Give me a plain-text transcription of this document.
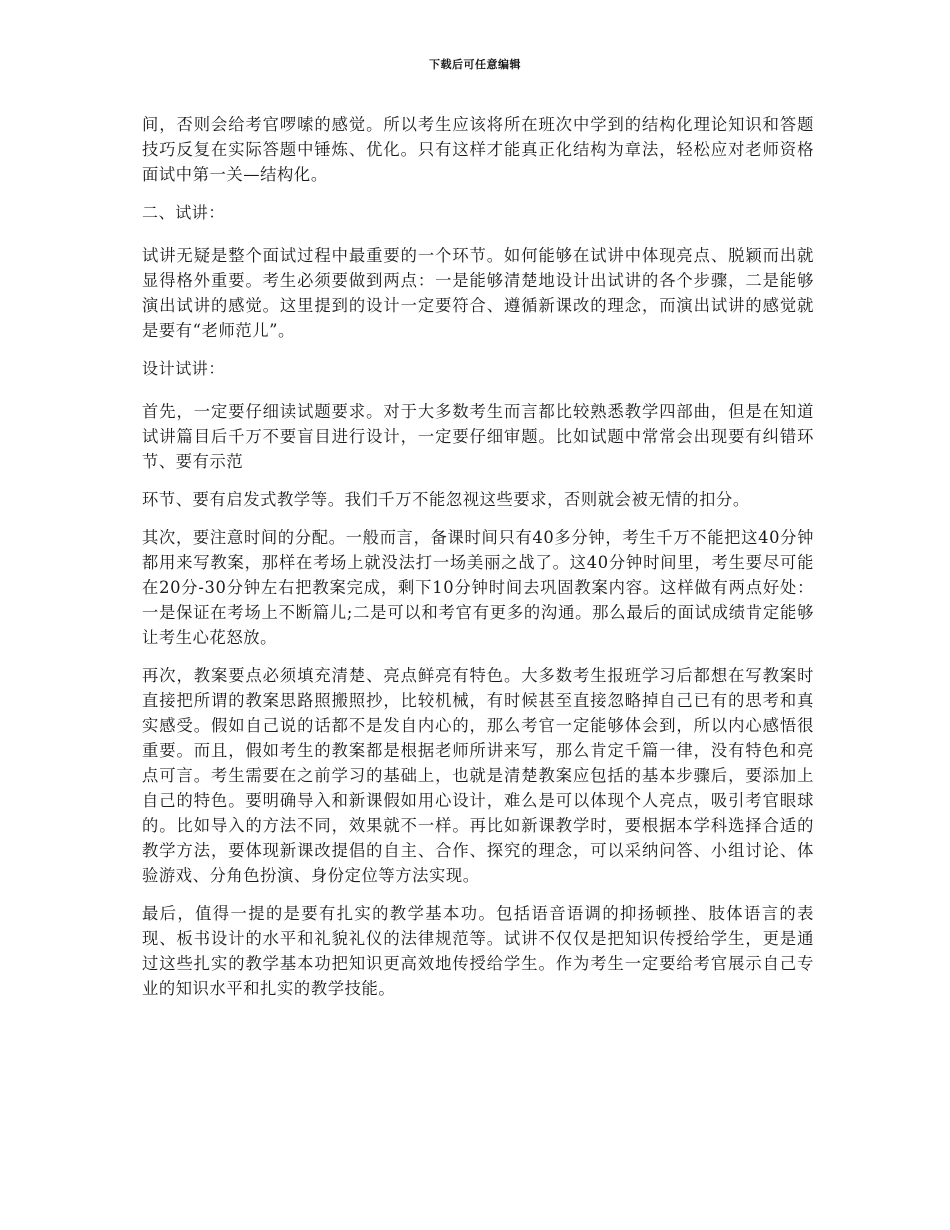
下载后可任意编辑

间，否则会给考官啰嗦的感觉。所以考生应该将所在班次中学到的结构化理论知识和答题技巧反复在实际答题中锤炼、优化。只有这样才能真正化结构为章法，轻松应对老师资格面试中第一关—结构化。

二、试讲：

试讲无疑是整个面试过程中最重要的一个环节。如何能够在试讲中体现亮点、脱颖而出就显得格外重要。考生必须要做到两点：一是能够清楚地设计出试讲的各个步骤，二是能够演出试讲的感觉。这里提到的设计一定要符合、遵循新课改的理念，而演出试讲的感觉就是要有“老师范儿”。

设计试讲：

首先，一定要仔细读试题要求。对于大多数考生而言都比较熟悉教学四部曲，但是在知道试讲篇目后千万不要盲目进行设计，一定要仔细审题。比如试题中常常会出现要有纠错环节、要有示范

环节、要有启发式教学等。我们千万不能忽视这些要求，否则就会被无情的扣分。

其次，要注意时间的分配。一般而言，备课时间只有40多分钟，考生千万不能把这40分钟都用来写教案，那样在考场上就没法打一场美丽之战了。这40分钟时间里，考生要尽可能在20分-30分钟左右把教案完成，剩下10分钟时间去巩固教案内容。这样做有两点好处：一是保证在考场上不断篇儿;二是可以和考官有更多的沟通。那么最后的面试成绩肯定能够让考生心花怒放。

再次，教案要点必须填充清楚、亮点鲜亮有特色。大多数考生报班学习后都想在写教案时直接把所谓的教案思路照搬照抄，比较机械，有时候甚至直接忽略掉自己已有的思考和真实感受。假如自己说的话都不是发自内心的，那么考官一定能够体会到，所以内心感悟很重要。而且，假如考生的教案都是根据老师所讲来写，那么肯定千篇一律，没有特色和亮点可言。考生需要在之前学习的基础上，也就是清楚教案应包括的基本步骤后，要添加上自己的特色。要明确导入和新课假如用心设计，难么是可以体现个人亮点，吸引考官眼球的。比如导入的方法不同，效果就不一样。再比如新课教学时，要根据本学科选择合适的教学方法，要体现新课改提倡的自主、合作、探究的理念，可以采纳问答、小组讨论、体验游戏、分角色扮演、身份定位等方法实现。

最后，值得一提的是要有扎实的教学基本功。包括语音语调的抑扬顿挫、肢体语言的表现、板书设计的水平和礼貌礼仪的法律规范等。试讲不仅仅是把知识传授给学生，更是通过这些扎实的教学基本功把知识更高效地传授给学生。作为考生一定要给考官展示自己专业的知识水平和扎实的教学技能。
